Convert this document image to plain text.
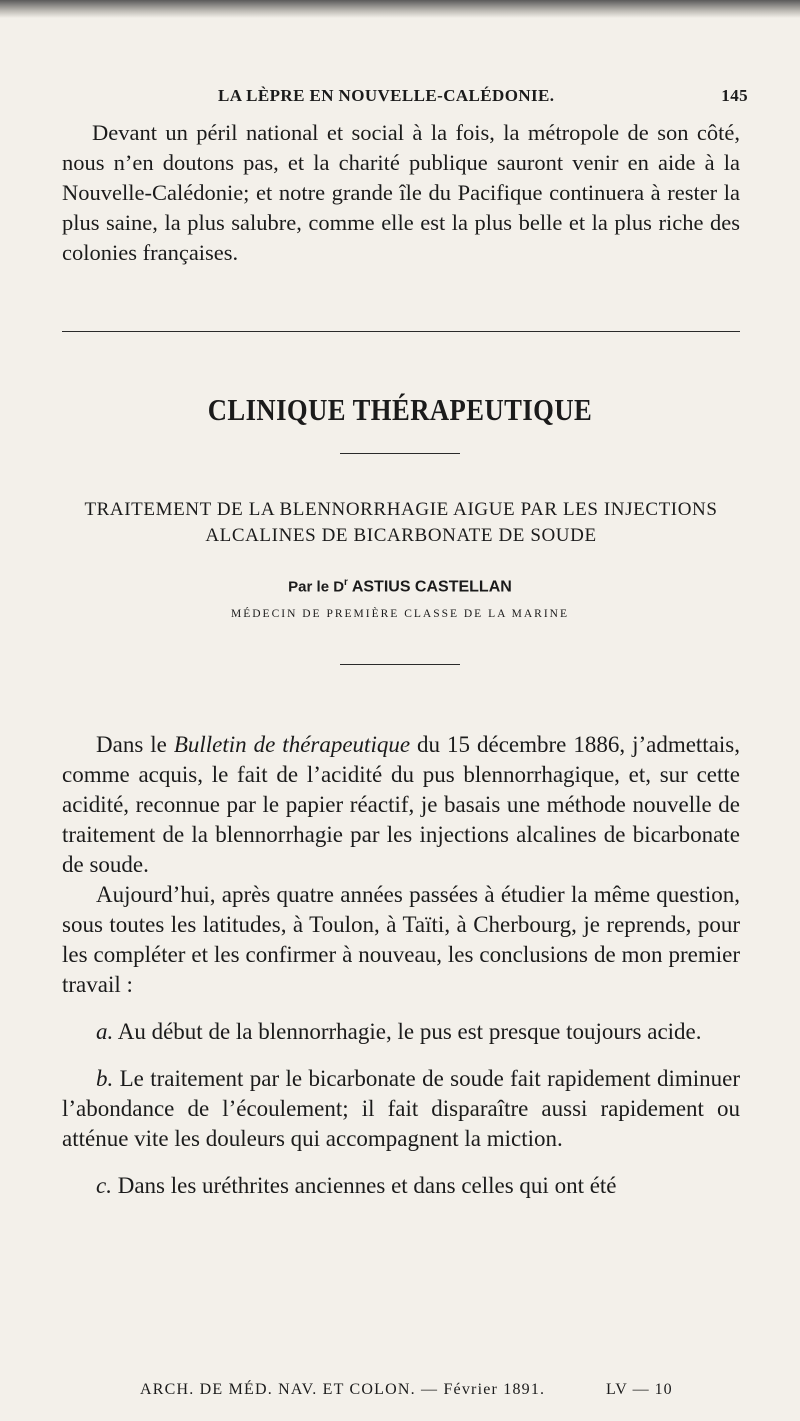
LA LÈPRE EN NOUVELLE-CALÉDONIE.	145

Devant un péril national et social à la fois, la métropole de son côté, nous n’en doutons pas, et la charité publique sauront venir en aide à la Nouvelle-Calédonie; et notre grande île du Pacifique continuera à rester la plus saine, la plus salubre, comme elle est la plus belle et la plus riche des colonies françaises.

CLINIQUE THÉRAPEUTIQUE
TRAITEMENT DE LA BLENNORRHAGIE AIGUE PAR LES INJECTIONS
ALCALINES DE BICARBONATE DE SOUDE
Par le $D^r$ ASTIUS CASTELLAN
MÉDECIN DE PREMIÈRE CLASSE DE LA MARINE

Dans le Bulletin de thérapeutique du 15 décembre 1886, j’admettais, comme acquis, le fait de l’acidité du pus blennorrhagique, et, sur cette acidité, reconnue par le papier réactif, je basais une méthode nouvelle de traitement de la blennorrhagie par les injections alcalines de bicarbonate de soude.

Aujourd’hui, après quatre années passées à étudier la même question, sous toutes les latitudes, à Toulon, à Taïti, à Cherbourg, je reprends, pour les compléter et les confirmer à nouveau, les conclusions de mon premier travail :

a. Au début de la blennorrhagie, le pus est presque toujours acide.

b. Le traitement par le bicarbonate de soude fait rapidement diminuer l’abondance de l’écoulement; il fait disparaître aussi rapidement ou atténue vite les douleurs qui accompagnent la miction.

c. Dans les uréthrites anciennes et dans celles qui ont été

ARCH. DE MÉD. NAV. ET COLON. — Février 1891.	LV — 10
